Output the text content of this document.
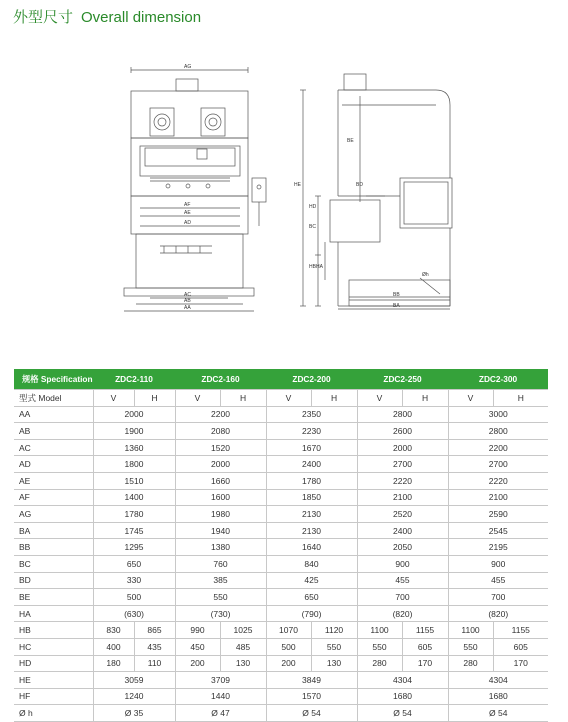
外型尺寸 Overall dimension
AG
AF
AE
AD
AC
AB
AA
HE
HD
BC
HB HA
BE
BD
BB
BA
Øh
规格 Specification	ZDC2-110		ZDC2-160		ZDC2-200		ZDC2-250		ZDC2-300	
型式 Model	V	H	V	H	V	H	V	H	V	H
AA	2000		2200		2350		2800		3000	
AB	1900		2080		2230		2600		2800	
AC	1360		1520		1670		2000		2200	
AD	1800		2000		2400		2700		2700	
AE	1510		1660		1780		2220		2220	
AF	1400		1600		1850		2100		2100	
AG	1780		1980		2130		2520		2590	
BA	1745		1940		2130		2400		2545	
BB	1295		1380		1640		2050		2195	
BC	650		760		840		900		900	
BD	330		385		425		455		455	
BE	500		550		650		700		700	
HA	(630)		(730)		(790)		(820)		(820)	
HB	830	865	990	1025	1070	1120	1100	1155	1100	1155
HC	400	435	450	485	500	550	550	605	550	605
HD	180	110	200	130	200	130	280	170	280	170
HE	3059		3709		3849		4304		4304	
HF	1240		1440		1570		1680		1680	
Ø h	Ø 35		Ø 47		Ø 54		Ø 54		Ø 54	
